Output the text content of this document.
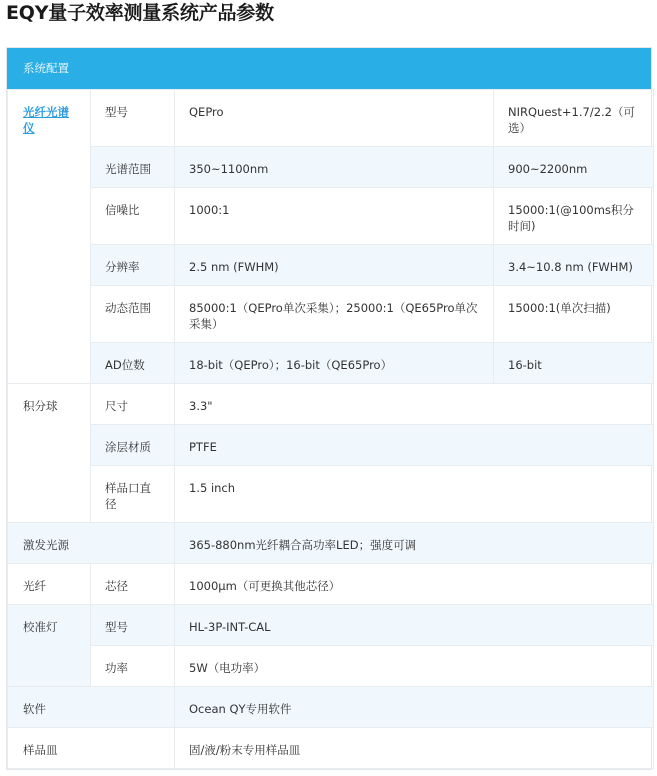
EQY量子效率测量系统产品参数
系统配置
光纤光谱仪	型号	QEPro	NIRQuest+1.7/2.2（可选）

	光谱范围	350~1100nm	900~2200nm

	信噪比	1000:1	15000:1(@100ms积分时间)

	分辨率	2.5 nm (FWHM)	3.4~10.8 nm (FWHM)

	动态范围	85000:1（QEPro单次采集）；25000:1（QE65Pro单次采集）	15000:1(单次扫描)

	AD位数	18-bit（QEPro）；16-bit（QE65Pro）	16-bit

积分球	尺寸	3.3"	

	涂层材质	PTFE	

	样品口直径	1.5 inch	

激发光源		365-880nm光纤耦合高功率LED；强度可调	

光纤	芯径	1000μm（可更换其他芯径）	

校准灯	型号	HL-3P-INT-CAL	

	功率	5W（电功率）	

软件		Ocean QY专用软件	

样品皿		固/液/粉末专用样品皿	
